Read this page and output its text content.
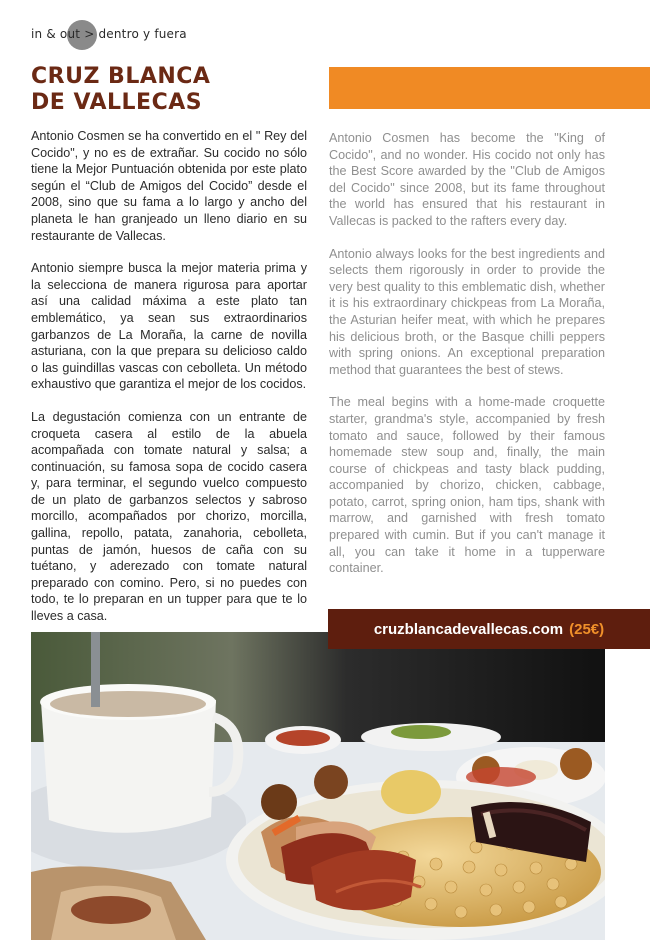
in & out > dentro y fuera
CRUZ BLANCA
DE VALLECAS

Antonio Cosmen se ha convertido en el " Rey del Cocido", y no es de extrañar. Su cocido no sólo tiene la Mejor Puntuación obtenida por este plato según el “Club de Amigos del Cocido” desde el 2008, sino que su fama a lo largo y ancho del planeta le han granjeado un lleno diario en su restaurante de Vallecas.

Antonio siempre busca la mejor materia prima y la selecciona de manera rigurosa para aportar así una calidad máxima a este plato tan emblemático, ya sean sus extraordinarios garbanzos de La Moraña, la carne de novilla asturiana, con la que prepara su delicioso caldo o las guindillas vascas con cebolleta. Un método exhaustivo que garantiza el mejor de los cocidos.

La degustación comienza con un entrante de croqueta casera al estilo de la abuela acompañada con tomate natural y salsa; a continuación, su famosa sopa de cocido casera y, para terminar, el segundo vuelco compuesto de un plato de garbanzos selectos y sabroso morcillo, acompañados por chorizo, morcilla, gallina, repollo, patata, zanahoria, cebolleta, puntas de jamón, huesos de caña con su tuétano, y aderezado con tomate natural preparado con comino. Pero, si no puedes con todo, te lo preparan en un tupper para que te lo lleves a casa.

Antonio Cosmen has become the "King of Cocido", and no wonder. His cocido not only has the Best Score awarded by the "Club de Amigos del Cocido" since 2008, but its fame throughout the world has ensured that his restaurant in Vallecas is packed to the rafters every day.

Antonio always looks for the best ingredients and selects them rigorously in order to provide the very best quality to this emblematic dish, whether it is his extraordinary chickpeas from La Moraña, the Asturian heifer meat, with which he prepares his delicious broth, or the Basque chilli peppers with spring onions. An exceptional preparation method that guarantees the best of stews.

The meal begins with a home-made croquette starter, grandma's style, accompanied by fresh tomato and sauce, followed by their famous homemade stew soup and, finally, the main course of chickpeas and tasty black pudding, accompanied by chorizo, chicken, cabbage, potato, carrot, spring onion, ham tips, shank with marrow, and garnished with fresh tomato prepared with cumin. But if you can't manage it all, you can take it home in a tupperware container.

cruzblancadevallecas.com (25€)
